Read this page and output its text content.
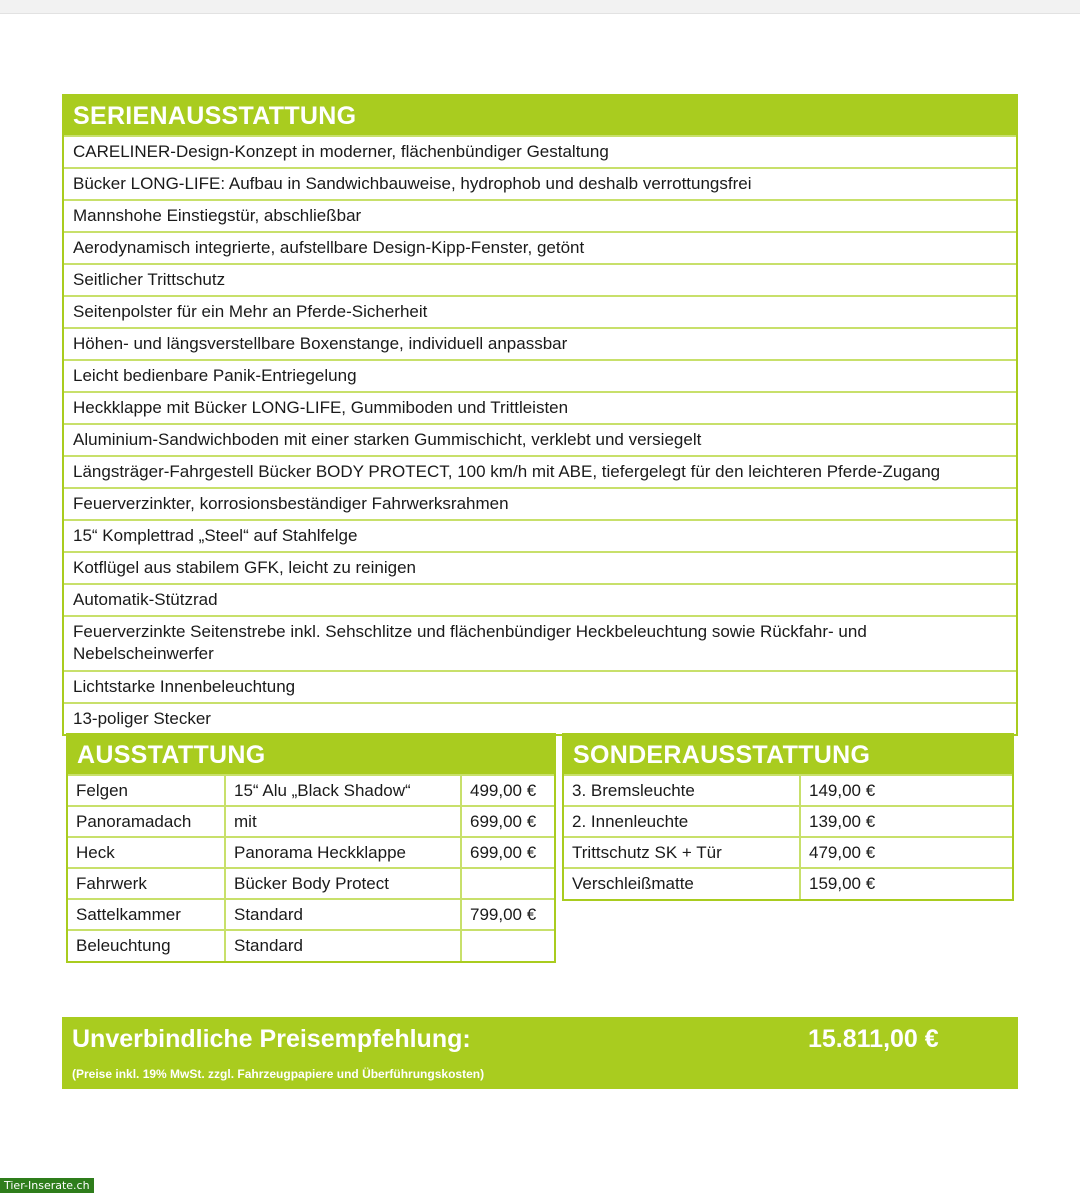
SERIENAUSSTATTUNG
CARELINER-Design-Konzept in moderner, flächenbündiger Gestaltung
Bücker LONG-LIFE: Aufbau in Sandwichbauweise, hydrophob und deshalb verrottungsfrei
Mannshohe Einstiegstür, abschließbar
Aerodynamisch integrierte, aufstellbare Design-Kipp-Fenster, getönt
Seitlicher Trittschutz
Seitenpolster für ein Mehr an Pferde-Sicherheit
Höhen- und längsverstellbare Boxenstange, individuell anpassbar
Leicht bedienbare Panik-Entriegelung
Heckklappe mit Bücker LONG-LIFE, Gummiboden und Trittleisten
Aluminium-Sandwichboden mit einer starken Gummischicht, verklebt und versiegelt
Längsträger-Fahrgestell Bücker BODY PROTECT, 100 km/h mit ABE, tiefergelegt für den leichteren Pferde-Zugang
Feuerverzinkter, korrosionsbeständiger Fahrwerksrahmen
15“ Komplettrad „Steel“ auf Stahlfelge
Kotflügel aus stabilem GFK, leicht zu reinigen
Automatik-Stützrad
Feuerverzinkte Seitenstrebe inkl. Sehschlitze und flächenbündiger Heckbeleuchtung sowie Rückfahr- und Nebelscheinwerfer
Lichtstarke Innenbeleuchtung
13-poliger Stecker
AUSSTATTUNG
Felgen	15“ Alu „Black Shadow“	499,00 €
Panoramadach	mit	699,00 €
Heck	Panorama Heckklappe	699,00 €
Fahrwerk	Bücker Body Protect	
Sattelkammer	Standard	799,00 €
Beleuchtung	Standard	
SONDERAUSSTATTUNG
3. Bremsleuchte	149,00 €
2. Innenleuchte	139,00 €
Trittschutz SK + Tür	479,00 €
Verschleißmatte	159,00 €
Unverbindliche Preisempfehlung:	15.811,00 €
(Preise inkl. 19% MwSt. zzgl. Fahrzeugpapiere und Überführungskosten)
Tier-Inserate.ch
